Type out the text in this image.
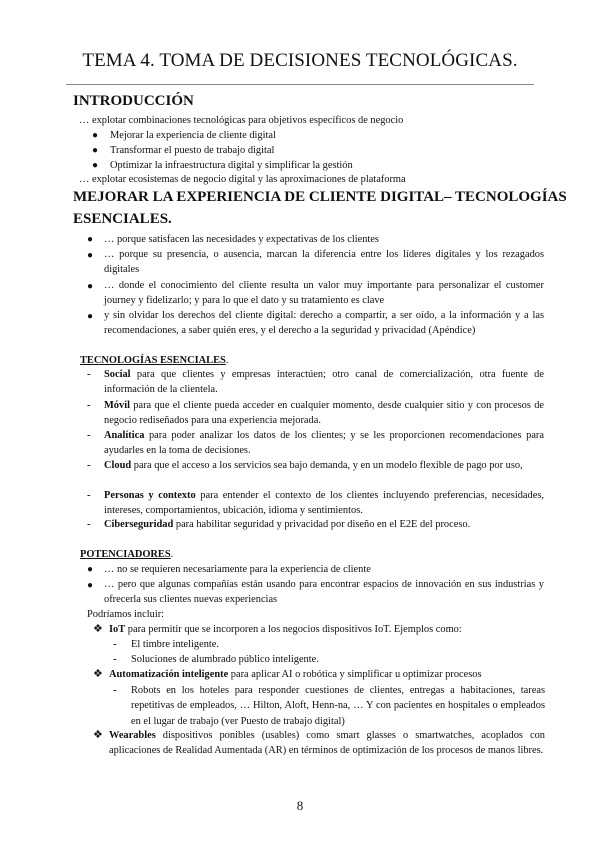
TEMA 4. TOMA DE DECISIONES TECNOLÓGICAS.
INTRODUCCIÓN
… explotar combinaciones tecnológicas para objetivos específicos de negocio
● Mejorar la experiencia de cliente digital
● Transformar el puesto de trabajo digital
● Optimizar la infraestructura digital y simplificar la gestión
… explotar ecosistemas de negocio digital y las aproximaciones de plataforma
MEJORAR LA EXPERIENCIA DE CLIENTE DIGITAL– TECNOLOGÍAS
ESENCIALES.
● … porque satisfacen las necesidades y expectativas de los clientes
● … porque su presencia, o ausencia, marcan la diferencia entre los líderes digitales y los rezagados digitales
● … donde el conocimiento del cliente resulta un valor muy importante para personalizar el customer journey y fidelizarlo; y para lo que el dato y su tratamiento es clave
● y sin olvidar los derechos del cliente digital: derecho a compartir, a ser oído, a la información y a las recomendaciones, a saber quién eres, y el derecho a la seguridad y privacidad (Apéndice)
TECNOLOGÍAS ESENCIALES.
- Social para que clientes y empresas interactúen; otro canal de comercialización, otra fuente de información de la clientela.
- Móvil para que el cliente pueda acceder en cualquier momento, desde cualquier sitio y con procesos de negocio rediseñados para una experiencia mejorada.
- Analítica para poder analizar los datos de los clientes; y se les proporcionen recomendaciones para ayudarles en la toma de decisiones.
- Cloud para que el acceso a los servicios sea bajo demanda, y en un modelo flexible de pago por uso,
- Personas y contexto para entender el contexto de los clientes incluyendo preferencias, necesidades, intereses, comportamientos, ubicación, idioma y sentimientos.
- Ciberseguridad para habilitar seguridad y privacidad por diseño en el E2E del proceso.
POTENCIADORES.
● … no se requieren necesariamente para la experiencia de cliente
● … pero que algunas compañías están usando para encontrar espacios de innovación en sus industrias y ofrecerla sus clientes nuevas experiencias
Podríamos incluir:
❖ IoT para permitir que se incorporen a los negocios dispositivos IoT. Ejemplos como:
- El timbre inteligente.
- Soluciones de alumbrado público inteligente.
❖ Automatización inteligente para aplicar AI o robótica y simplificar u optimizar procesos
- Robots en los hoteles para responder cuestiones de clientes, entregas a habitaciones, tareas repetitivas de empleados, … Hilton, Aloft, Henn-na, … Y con pacientes en hospitales o empleados en el lugar de trabajo (ver Puesto de trabajo digital)
❖ Wearables dispositivos ponibles (usables) como smart glasses o smartwatches, acoplados con aplicaciones de Realidad Aumentada (AR) en términos de optimización de los procesos de manos libres.
8
